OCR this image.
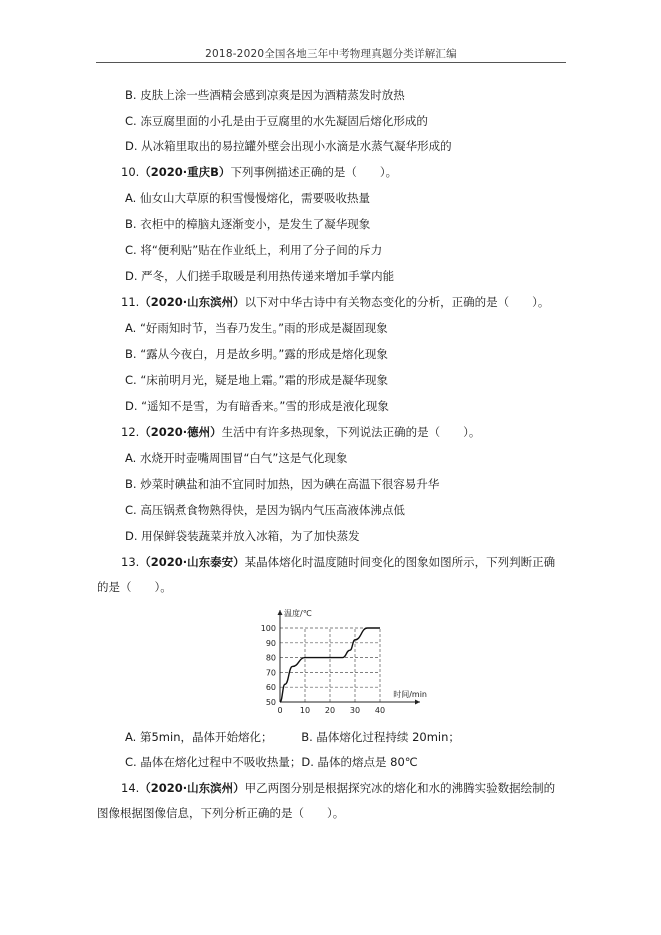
2018-2020全国各地三年中考物理真题分类详解汇编
B. 皮肤上涂一些酒精会感到凉爽是因为酒精蒸发时放热
C. 冻豆腐里面的小孔是由于豆腐里的水先凝固后熔化形成的
D. 从冰箱里取出的易拉罐外壁会出现小水滴是水蒸气凝华形成的
10.（2020·重庆B）下列事例描述正确的是（　　）。
A. 仙女山大草原的积雪慢慢熔化，需要吸收热量
B. 衣柜中的樟脑丸逐渐变小，是发生了凝华现象
C. 将“便利贴”贴在作业纸上，利用了分子间的斥力
D. 严冬，人们搓手取暖是利用热传递来增加手掌内能
11.（2020·山东滨州）以下对中华古诗中有关物态变化的分析，正确的是（　　）。
A. “好雨知时节，当春乃发生。”雨的形成是凝固现象
B. “露从今夜白，月是故乡明。”露的形成是熔化现象
C. “床前明月光，疑是地上霜。”霜的形成是凝华现象
D. “遥知不是雪，为有暗香来。”雪的形成是液化现象
12.（2020·德州）生活中有许多热现象，下列说法正确的是（　　）。
A. 水烧开时壶嘴周围冒“白气”这是气化现象
B. 炒菜时碘盐和油不宜同时加热，因为碘在高温下很容易升华
C. 高压锅煮食物熟得快，是因为锅内气压高液体沸点低
D. 用保鲜袋装蔬菜并放入冰箱，为了加快蒸发
13.（2020·山东泰安）某晶体熔化时温度随时间变化的图象如图所示，下列判断正确
的是（　　）。
50
60
70
80
90
100
0 10 20 30 40
温度/℃
时间/min
A. 第5min，晶体开始熔化；　　　B. 晶体熔化过程持续 20min；
C. 晶体在熔化过程中不吸收热量；D. 晶体的熔点是 80℃
14.（2020·山东滨州）甲乙两图分别是根据探究冰的熔化和水的沸腾实验数据绘制的
图像根据图像信息，下列分析正确的是（　　）。
